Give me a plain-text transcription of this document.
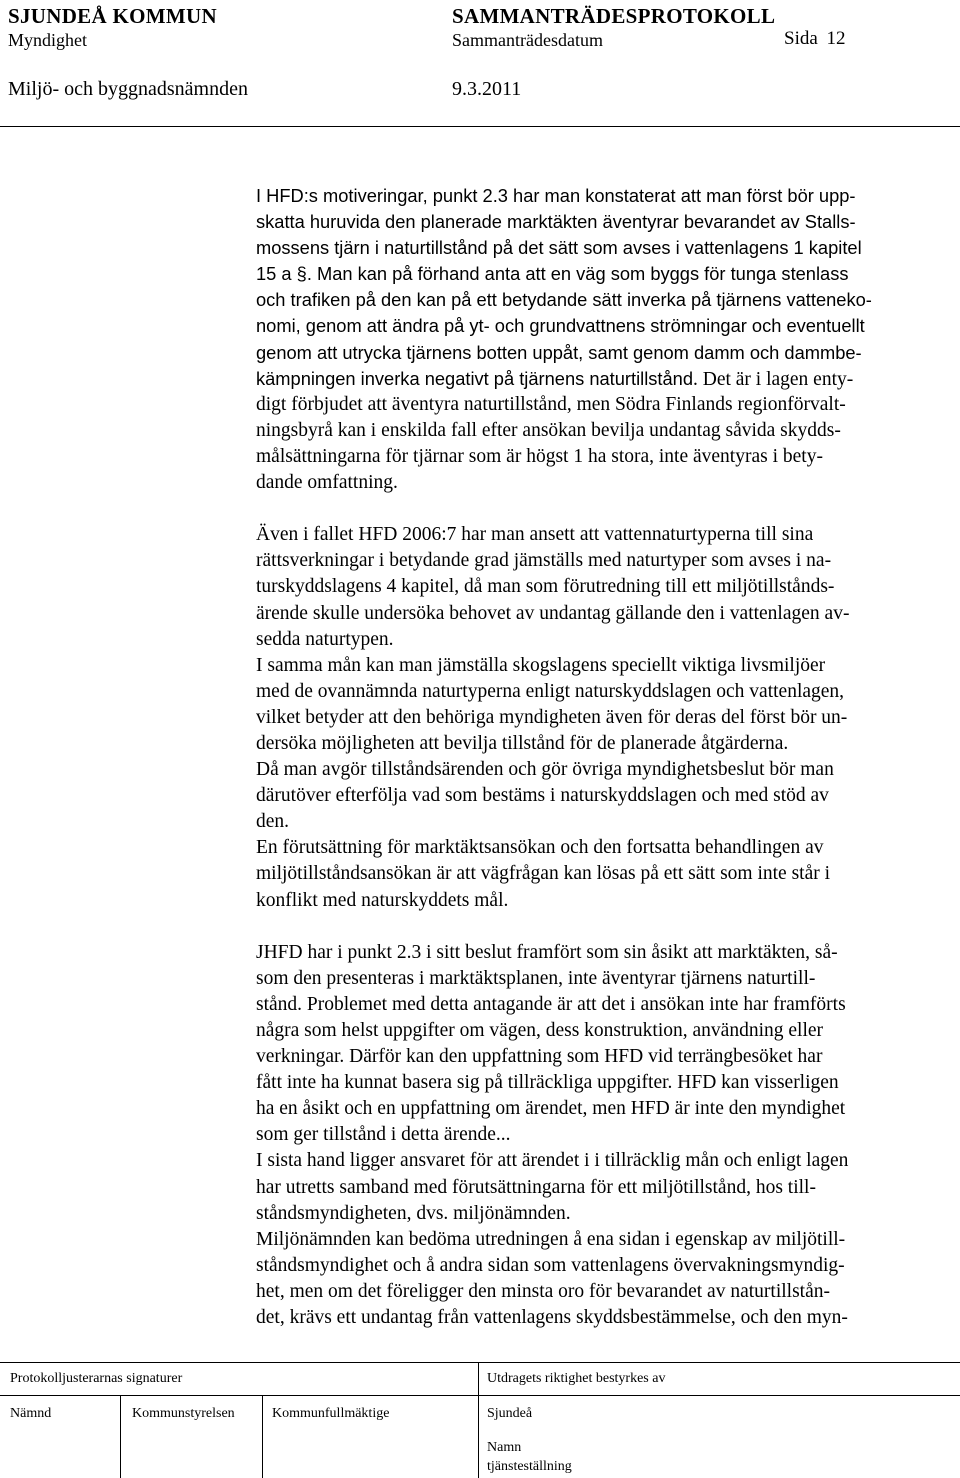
SJUNDEÅ KOMMUN	SAMMANTRÄDESPROTOKOLL
Myndighet	Sammanträdesdatum	Sida 12
Miljö- och byggnadsnämnden	9.3.2011
I HFD:s motiveringar, punkt 2.3 har man konstaterat att man först bör upp-
skatta huruvida den planerade marktäkten äventyrar bevarandet av Stalls-
mossens tjärn i naturtillstånd på det sätt som avses i vattenlagens 1 kapitel
15 a §. Man kan på förhand anta att en väg som byggs för tunga stenlass
och trafiken på den kan på ett betydande sätt inverka på tjärnens vattenekо-
nomi, genom att ändra på yt- och grundvattnens strömningar och eventuellt
genom att utrycka tjärnens botten uppåt, samt genom damm och dammbe-
kämpningen inverka negativt på tjärnens naturtillstånd. Det är i lagen enty-
digt förbjudet att äventyra naturtillstånd, men Södra Finlands regionförvalt-
ningsbyrå kan i enskilda fall efter ansökan bevilja undantag såvida skydds-
målsättningarna för tjärnar som är högst 1 ha stora, inte äventyras i bety-
dande omfattning.
Även i fallet HFD 2006:7 har man ansett att vattennaturtyperna till sina
rättsverkningar i betydande grad jämställs med naturtyper som avses i na-
turskyddslagens 4 kapitel, då man som förutredning till ett miljötillstånds-
ärende skulle undersöka behovet av undantag gällande den i vattenlagen av-
sedda naturtypen.
I samma mån kan man jämställa skogslagens speciellt viktiga livsmiljöer
med de ovannämnda naturtyperna enligt naturskyddslagen och vattenlagen,
vilket betyder att den behöriga myndigheten även för deras del först bör un-
dersöka möjligheten att bevilja tillstånd för de planerade åtgärderna.
Då man avgör tillståndsärenden och gör övriga myndighetsbeslut bör man
därutöver efterfölja vad som bestäms i naturskyddslagen och med stöd av
den.
En förutsättning för marktäktsansökan och den fortsatta behandlingen av
miljötillståndsansökan är att vägfrågan kan lösas på ett sätt som inte står i
konflikt med naturskyddets mål.
JHFD har i punkt 2.3 i sitt beslut framfört som sin åsikt att marktäkten, så-
som den presenteras i marktäktsplanen, inte äventyrar tjärnens naturtill-
stånd. Problemet med detta antagande är att det i ansökan inte har framförts
några som helst uppgifter om vägen, dess konstruktion, användning eller
verkningar. Därför kan den uppfattning som HFD vid terrängbesöket har
fått inte ha kunnat basera sig på tillräckliga uppgifter. HFD kan visserligen
ha en åsikt och en uppfattning om ärendet, men HFD är inte den myndighet
som ger tillstånd i detta ärende...
I sista hand ligger ansvaret för att ärendet i i tillräcklig mån och enligt lagen
har utretts samband med förutsättningarna för ett miljötillstånd, hos till-
ståndsmyndigheten, dvs. miljönämnden.
Miljönämnden kan bedöma utredningen å ena sidan i egenskap av miljötill-
ståndsmyndighet och å andra sidan som vattenlagens övervakningsmyndig-
het, men om det föreligger den minsta oro för bevarandet av naturtillstån-
det, krävs ett undantag från vattenlagens skyddsbestämmelse, och den myn-
Protokolljusterarnas signaturer	Utdragets riktighet bestyrkes av
Nämnd	Kommunstyrelsen	Kommunfullmäktige	Sjundeå
Namn
tjänsteställning
